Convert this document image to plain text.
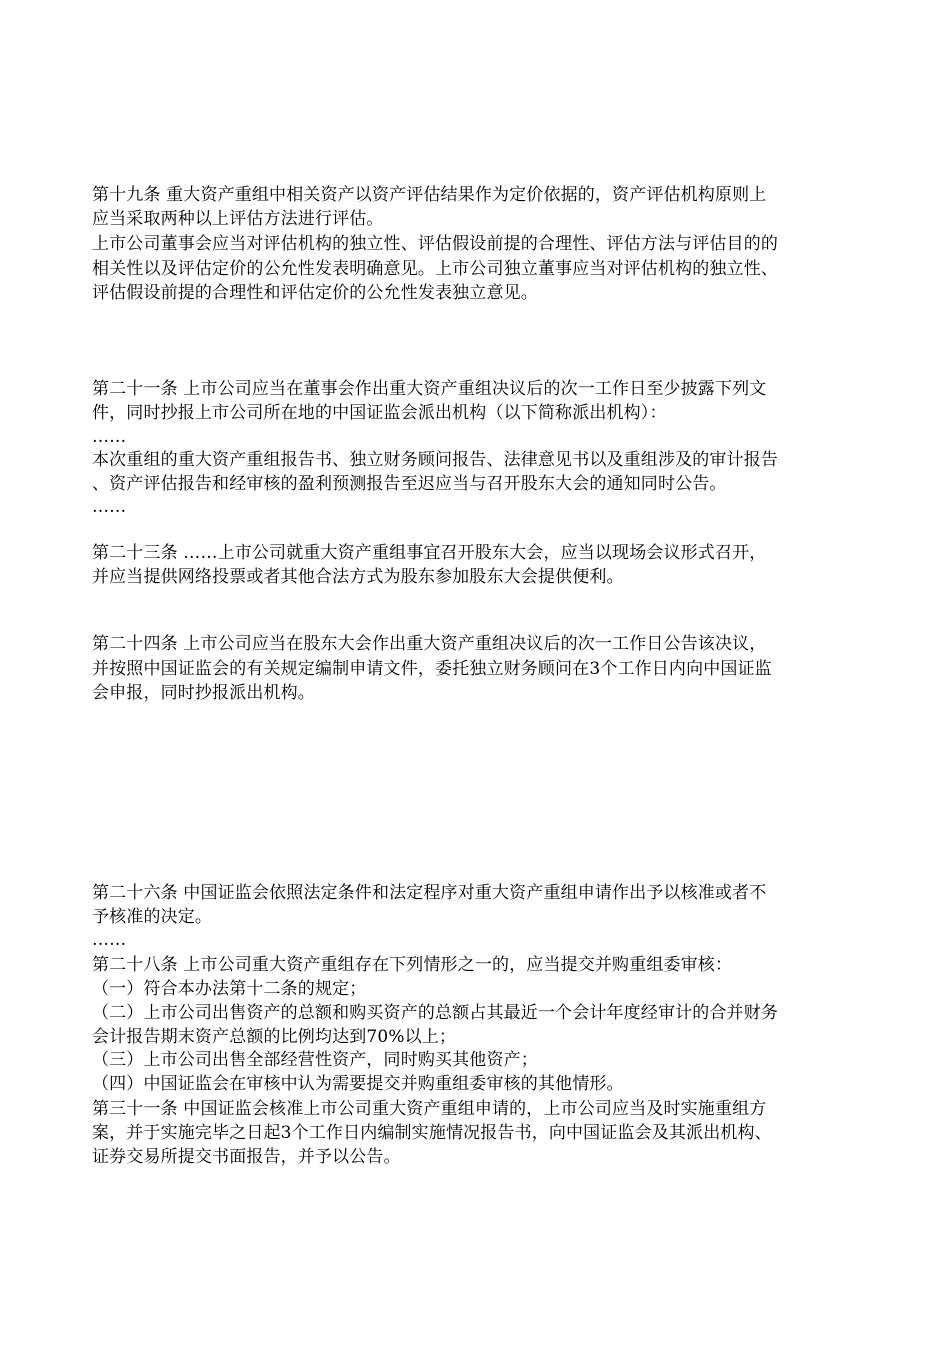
第十九条 重大资产重组中相关资产以资产评估结果作为定价依据的，资产评估机构原则上

应当采取两种以上评估方法进行评估。

上市公司董事会应当对评估机构的独立性、评估假设前提的合理性、评估方法与评估目的的

相关性以及评估定价的公允性发表明确意见。上市公司独立董事应当对评估机构的独立性、

评估假设前提的合理性和评估定价的公允性发表独立意见。

第二十一条 上市公司应当在董事会作出重大资产重组决议后的次一工作日至少披露下列文

件，同时抄报上市公司所在地的中国证监会派出机构（以下简称派出机构）：

……

本次重组的重大资产重组报告书、独立财务顾问报告、法律意见书以及重组涉及的审计报告

、资产评估报告和经审核的盈利预测报告至迟应当与召开股东大会的通知同时公告。

……

第二十三条 ……上市公司就重大资产重组事宜召开股东大会，应当以现场会议形式召开，

并应当提供网络投票或者其他合法方式为股东参加股东大会提供便利。

第二十四条 上市公司应当在股东大会作出重大资产重组决议后的次一工作日公告该决议，

并按照中国证监会的有关规定编制申请文件，委托独立财务顾问在3个工作日内向中国证监

会申报，同时抄报派出机构。

第二十六条 中国证监会依照法定条件和法定程序对重大资产重组申请作出予以核准或者不

予核准的决定。

……

第二十八条 上市公司重大资产重组存在下列情形之一的，应当提交并购重组委审核：

（一）符合本办法第十二条的规定；

（二）上市公司出售资产的总额和购买资产的总额占其最近一个会计年度经审计的合并财务

会计报告期末资产总额的比例均达到70%以上；

（三）上市公司出售全部经营性资产，同时购买其他资产；

（四）中国证监会在审核中认为需要提交并购重组委审核的其他情形。

第三十一条 中国证监会核准上市公司重大资产重组申请的，上市公司应当及时实施重组方

案，并于实施完毕之日起3个工作日内编制实施情况报告书，向中国证监会及其派出机构、

证券交易所提交书面报告，并予以公告。
